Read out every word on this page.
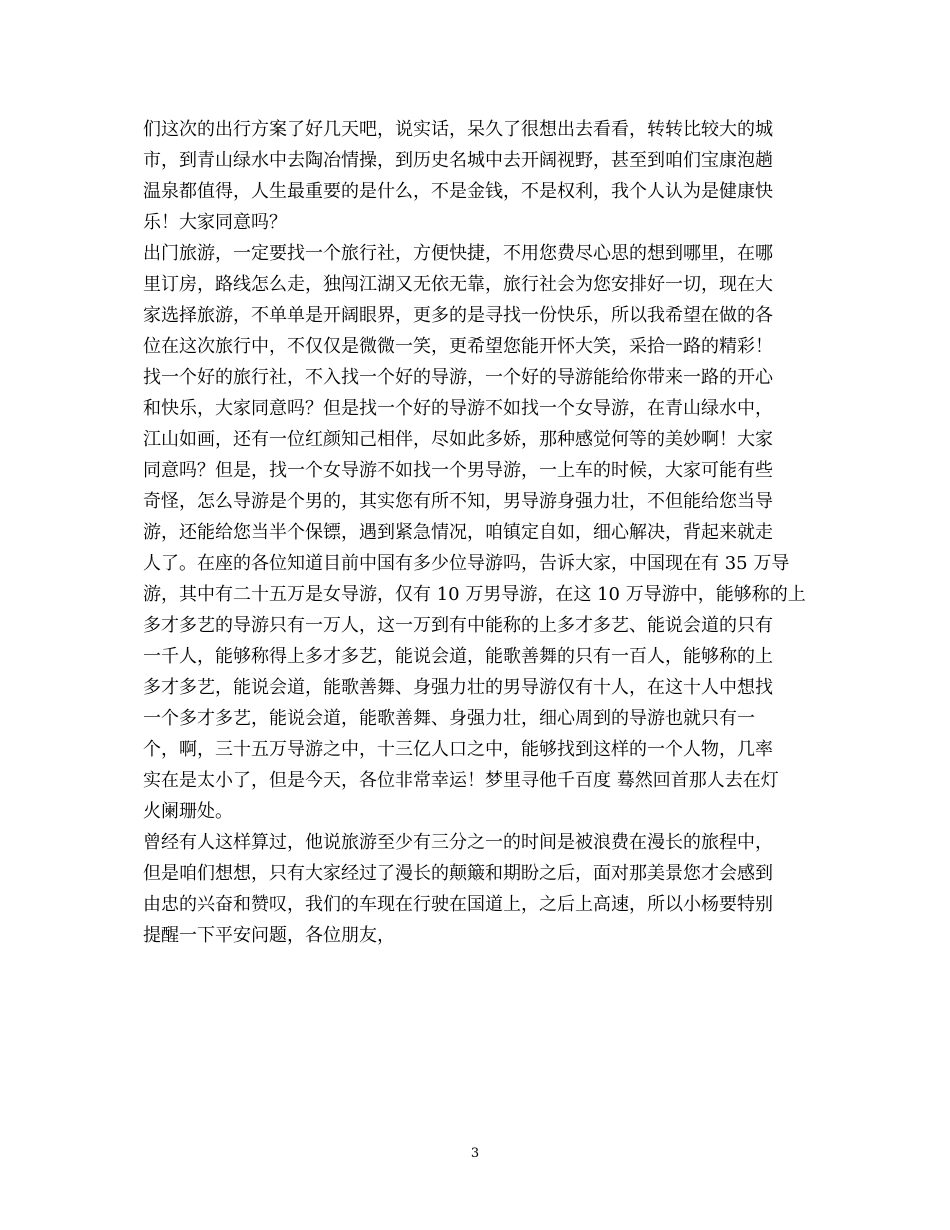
们这次的出行方案了好几天吧，说实话，呆久了很想出去看看，转转比较大的城
市，到青山绿水中去陶冶情操，到历史名城中去开阔视野，甚至到咱们宝康泡趟
温泉都值得，人生最重要的是什么，不是金钱，不是权利，我个人认为是健康快
乐！大家同意吗？
出门旅游，一定要找一个旅行社，方便快捷，不用您费尽心思的想到哪里，在哪
里订房，路线怎么走，独闯江湖又无依无靠，旅行社会为您安排好一切，现在大
家选择旅游，不单单是开阔眼界，更多的是寻找一份快乐，所以我希望在做的各
位在这次旅行中，不仅仅是微微一笑，更希望您能开怀大笑，采拾一路的精彩！
找一个好的旅行社，不入找一个好的导游，一个好的导游能给你带来一路的开心
和快乐，大家同意吗？但是找一个好的导游不如找一个女导游，在青山绿水中，
江山如画，还有一位红颜知己相伴，尽如此多娇，那种感觉何等的美妙啊！大家
同意吗？但是，找一个女导游不如找一个男导游，一上车的时候，大家可能有些
奇怪，怎么导游是个男的，其实您有所不知，男导游身强力壮，不但能给您当导
游，还能给您当半个保镖，遇到紧急情况，咱镇定自如，细心解决，背起来就走
人了。在座的各位知道目前中国有多少位导游吗，告诉大家，中国现在有 35 万导
游，其中有二十五万是女导游，仅有 10 万男导游，在这 10 万导游中，能够称的上
多才多艺的导游只有一万人，这一万到有中能称的上多才多艺、能说会道的只有
一千人，能够称得上多才多艺，能说会道，能歌善舞的只有一百人，能够称的上
多才多艺，能说会道，能歌善舞、身强力壮的男导游仅有十人，在这十人中想找
一个多才多艺，能说会道，能歌善舞、身强力壮，细心周到的导游也就只有一
个，啊，三十五万导游之中，十三亿人口之中，能够找到这样的一个人物，几率
实在是太小了，但是今天，各位非常幸运！梦里寻他千百度 蓦然回首那人去在灯
火阑珊处。
曾经有人这样算过，他说旅游至少有三分之一的时间是被浪费在漫长的旅程中，
但是咱们想想，只有大家经过了漫长的颠簸和期盼之后，面对那美景您才会感到
由忠的兴奋和赞叹，我们的车现在行驶在国道上，之后上高速，所以小杨要特别
提醒一下平安问题，各位朋友，
3
